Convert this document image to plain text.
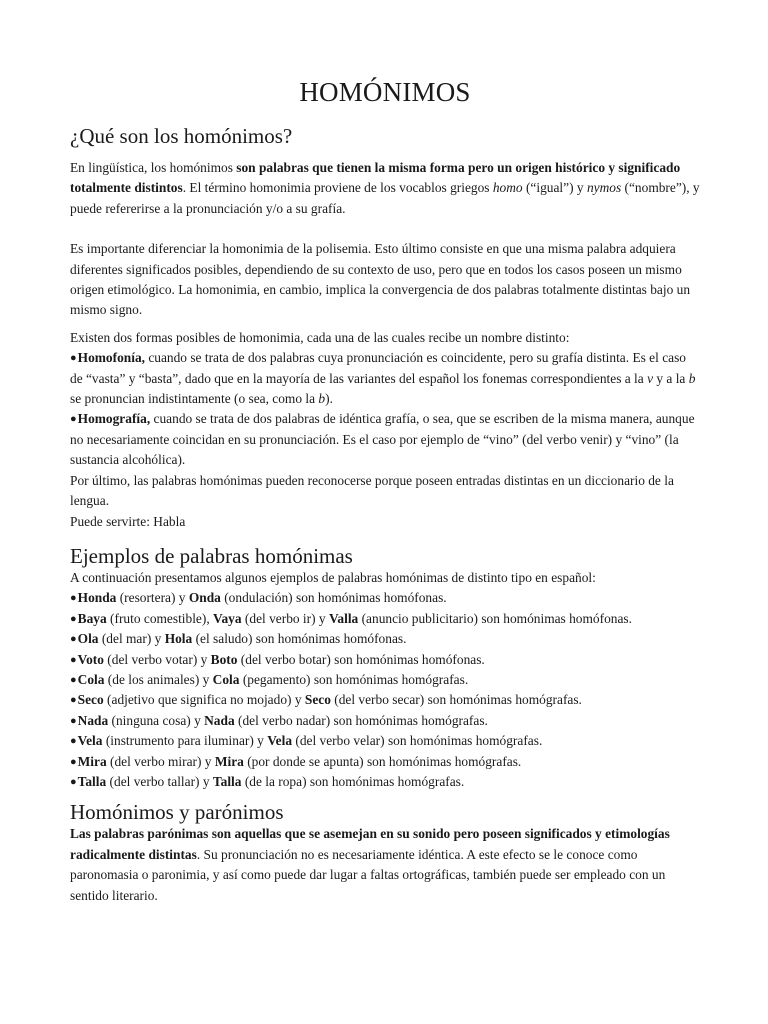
HOMÓNIMOS
¿Qué son los homónimos?

En lingüística, los homónimos son palabras que tienen la misma forma pero un origen histórico y significado totalmente distintos. El término homonimia proviene de los vocablos griegos homo (“igual”) y nymos (“nombre”), y puede refererirse a la pronunciación y/o a su grafía.

Es importante diferenciar la homonimia de la polisemia. Esto último consiste en que una misma palabra adquiera diferentes significados posibles, dependiendo de su contexto de uso, pero que en todos los casos poseen un mismo origen etimológico. La homonimia, en cambio, implica la convergencia de dos palabras totalmente distintas bajo un mismo signo.

Existen dos formas posibles de homonimia, cada una de las cuales recibe un nombre distinto:

● Homofonía, cuando se trata de dos palabras cuya pronunciación es coincidente, pero su grafía distinta. Es el caso de “vasta” y “basta”, dado que en la mayoría de las variantes del español los fonemas correspondientes a la v y a la b se pronuncian indistintamente (o sea, como la b).

● Homografía, cuando se trata de dos palabras de idéntica grafía, o sea, que se escriben de la misma manera, aunque no necesariamente coincidan en su pronunciación. Es el caso por ejemplo de “vino” (del verbo venir) y “vino” (la sustancia alcohólica).

Por último, las palabras homónimas pueden reconocerse porque poseen entradas distintas en un diccionario de la lengua.

Puede servirte: Habla

Ejemplos de palabras homónimas

A continuación presentamos algunos ejemplos de palabras homónimas de distinto tipo en español:

● Honda (resortera) y Onda (ondulación) son homónimas homófonas.

● Baya (fruto comestible), Vaya (del verbo ir) y Valla (anuncio publicitario) son homónimas homófonas.

● Ola (del mar) y Hola (el saludo) son homónimas homófonas.

● Voto (del verbo votar) y Boto (del verbo botar) son homónimas homófonas.

● Cola (de los animales) y Cola (pegamento) son homónimas homógrafas.

● Seco (adjetivo que significa no mojado) y Seco (del verbo secar) son homónimas homógrafas.

● Nada (ninguna cosa) y Nada (del verbo nadar) son homónimas homógrafas.

● Vela (instrumento para iluminar) y Vela (del verbo velar) son homónimas homógrafas.

● Mira (del verbo mirar) y Mira (por donde se apunta) son homónimas homógrafas.

● Talla (del verbo tallar) y Talla (de la ropa) son homónimas homógrafas.

Homónimos y parónimos

Las palabras parónimas son aquellas que se asemejan en su sonido pero poseen significados y etimologías radicalmente distintas. Su pronunciación no es necesariamente idéntica. A este efecto se le conoce como paronomasia o paronimia, y así como puede dar lugar a faltas ortográficas, también puede ser empleado con un sentido literario.
